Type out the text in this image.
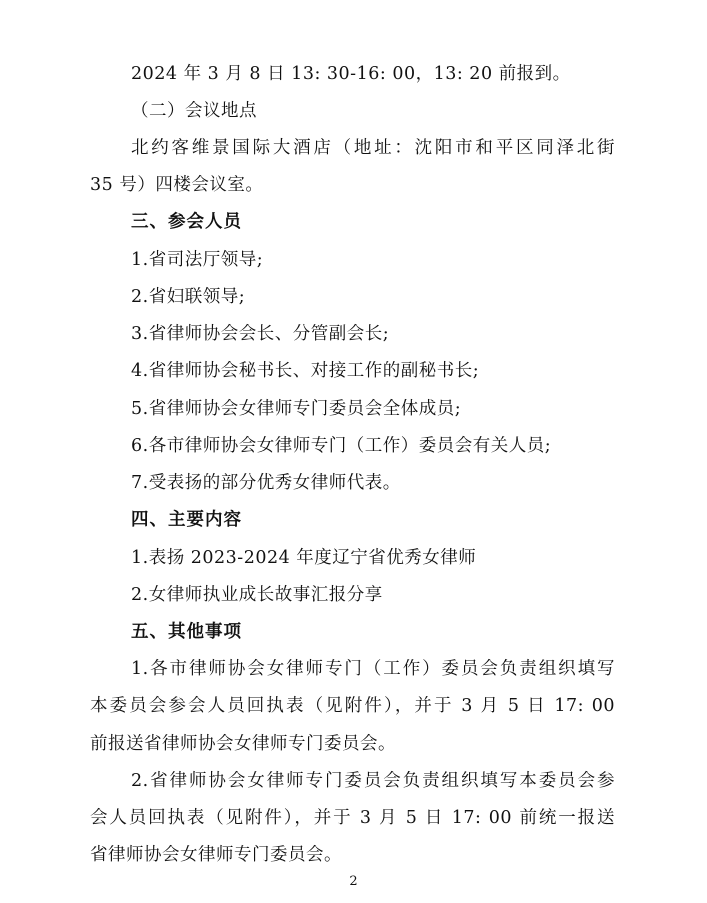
2024 年 3 月 8 日 13: 30-16: 00，13: 20 前报到。
（二）会议地点
北约客维景国际大酒店（地址：沈阳市和平区同泽北街
35 号）四楼会议室。
三、参会人员
1.省司法厅领导;
2.省妇联领导;
3.省律师协会会长、分管副会长;
4.省律师协会秘书长、对接工作的副秘书长;
5.省律师协会女律师专门委员会全体成员;
6.各市律师协会女律师专门（工作）委员会有关人员;
7.受表扬的部分优秀女律师代表。
四、主要内容
1.表扬 2023-2024 年度辽宁省优秀女律师
2.女律师执业成长故事汇报分享
五、其他事项
1.各市律师协会女律师专门（工作）委员会负责组织填写
本委员会参会人员回执表（见附件），并于 3 月 5 日 17: 00
前报送省律师协会女律师专门委员会。
2.省律师协会女律师专门委员会负责组织填写本委员会参
会人员回执表（见附件），并于 3 月 5 日 17: 00 前统一报送
省律师协会女律师专门委员会。
2
